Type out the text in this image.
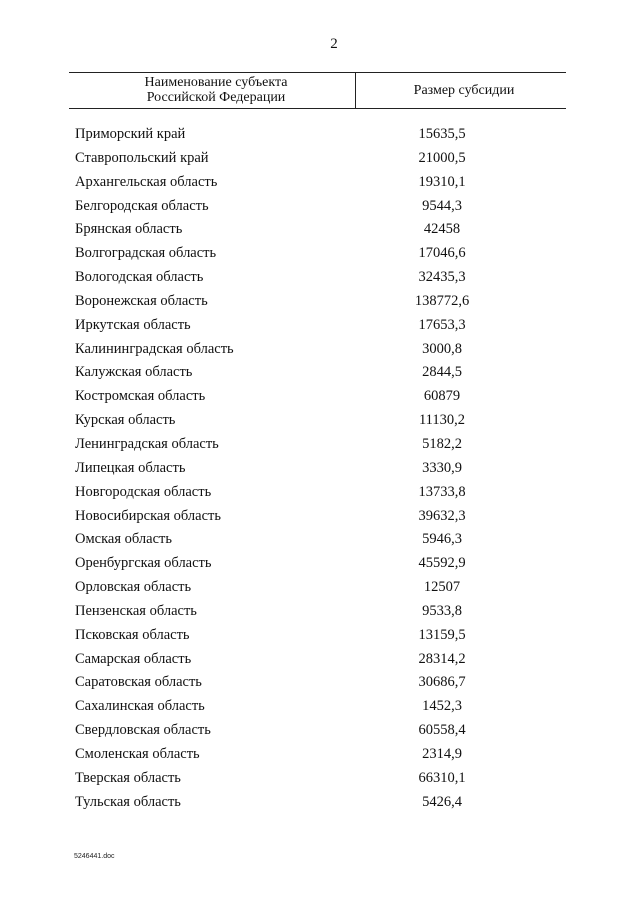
2
Наименование субъекта
Российской Федерации	Размер субсидии
Приморский край	15635,5
Ставропольский край	21000,5
Архангельская область	19310,1
Белгородская область	9544,3
Брянская область	42458
Волгоградская область	17046,6
Вологодская область	32435,3
Воронежская область	138772,6
Иркутская область	17653,3
Калининградская область	3000,8
Калужская область	2844,5
Костромская область	60879
Курская область	11130,2
Ленинградская область	5182,2
Липецкая область	3330,9
Новгородская область	13733,8
Новосибирская область	39632,3
Омская область	5946,3
Оренбургская область	45592,9
Орловская область	12507
Пензенская область	9533,8
Псковская область	13159,5
Самарская область	28314,2
Саратовская область	30686,7
Сахалинская область	1452,3
Свердловская область	60558,4
Смоленская область	2314,9
Тверская область	66310,1
Тульская область	5426,4
5246441.doc
